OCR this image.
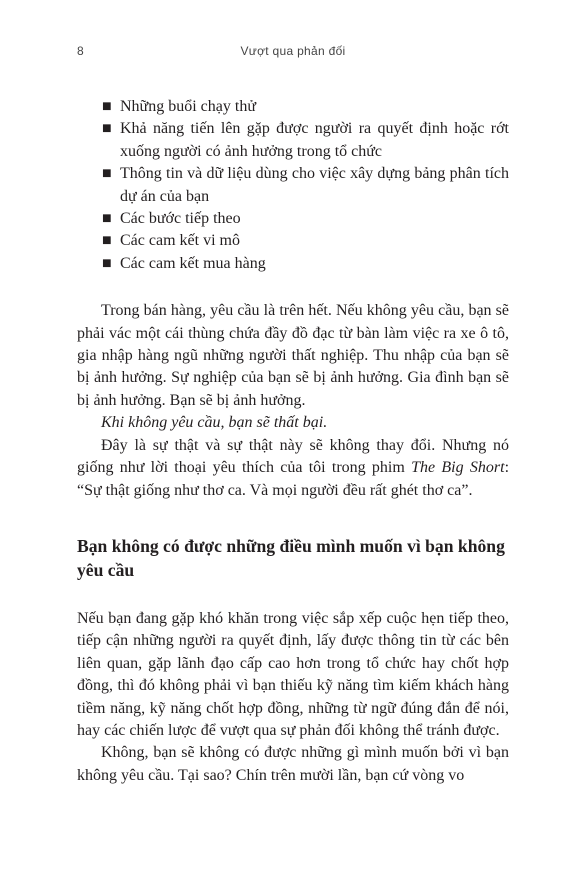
8	Vượt qua phản đối
■ Những buổi chạy thử
■ Khả năng tiến lên gặp được người ra quyết định hoặc rớt xuống người có ảnh hưởng trong tổ chức
■ Thông tin và dữ liệu dùng cho việc xây dựng bảng phân tích dự án của bạn
■ Các bước tiếp theo
■ Các cam kết vi mô
■ Các cam kết mua hàng

Trong bán hàng, yêu cầu là trên hết. Nếu không yêu cầu, bạn sẽ phải vác một cái thùng chứa đầy đồ đạc từ bàn làm việc ra xe ô tô, gia nhập hàng ngũ những người thất nghiệp. Thu nhập của bạn sẽ bị ảnh hưởng. Sự nghiệp của bạn sẽ bị ảnh hưởng. Gia đình bạn sẽ bị ảnh hưởng. Bạn sẽ bị ảnh hưởng.

Khi không yêu cầu, bạn sẽ thất bại.

Đây là sự thật và sự thật này sẽ không thay đổi. Nhưng nó giống như lời thoại yêu thích của tôi trong phim The Big Short: “Sự thật giống như thơ ca. Và mọi người đều rất ghét thơ ca”.

Bạn không có được những điều mình muốn vì bạn không yêu cầu

Nếu bạn đang gặp khó khăn trong việc sắp xếp cuộc hẹn tiếp theo, tiếp cận những người ra quyết định, lấy được thông tin từ các bên liên quan, gặp lãnh đạo cấp cao hơn trong tổ chức hay chốt hợp đồng, thì đó không phải vì bạn thiếu kỹ năng tìm kiếm khách hàng tiềm năng, kỹ năng chốt hợp đồng, những từ ngữ đúng đắn để nói, hay các chiến lược để vượt qua sự phản đối không thể tránh được.

Không, bạn sẽ không có được những gì mình muốn bởi vì bạn không yêu cầu. Tại sao? Chín trên mười lần, bạn cứ vòng vo
